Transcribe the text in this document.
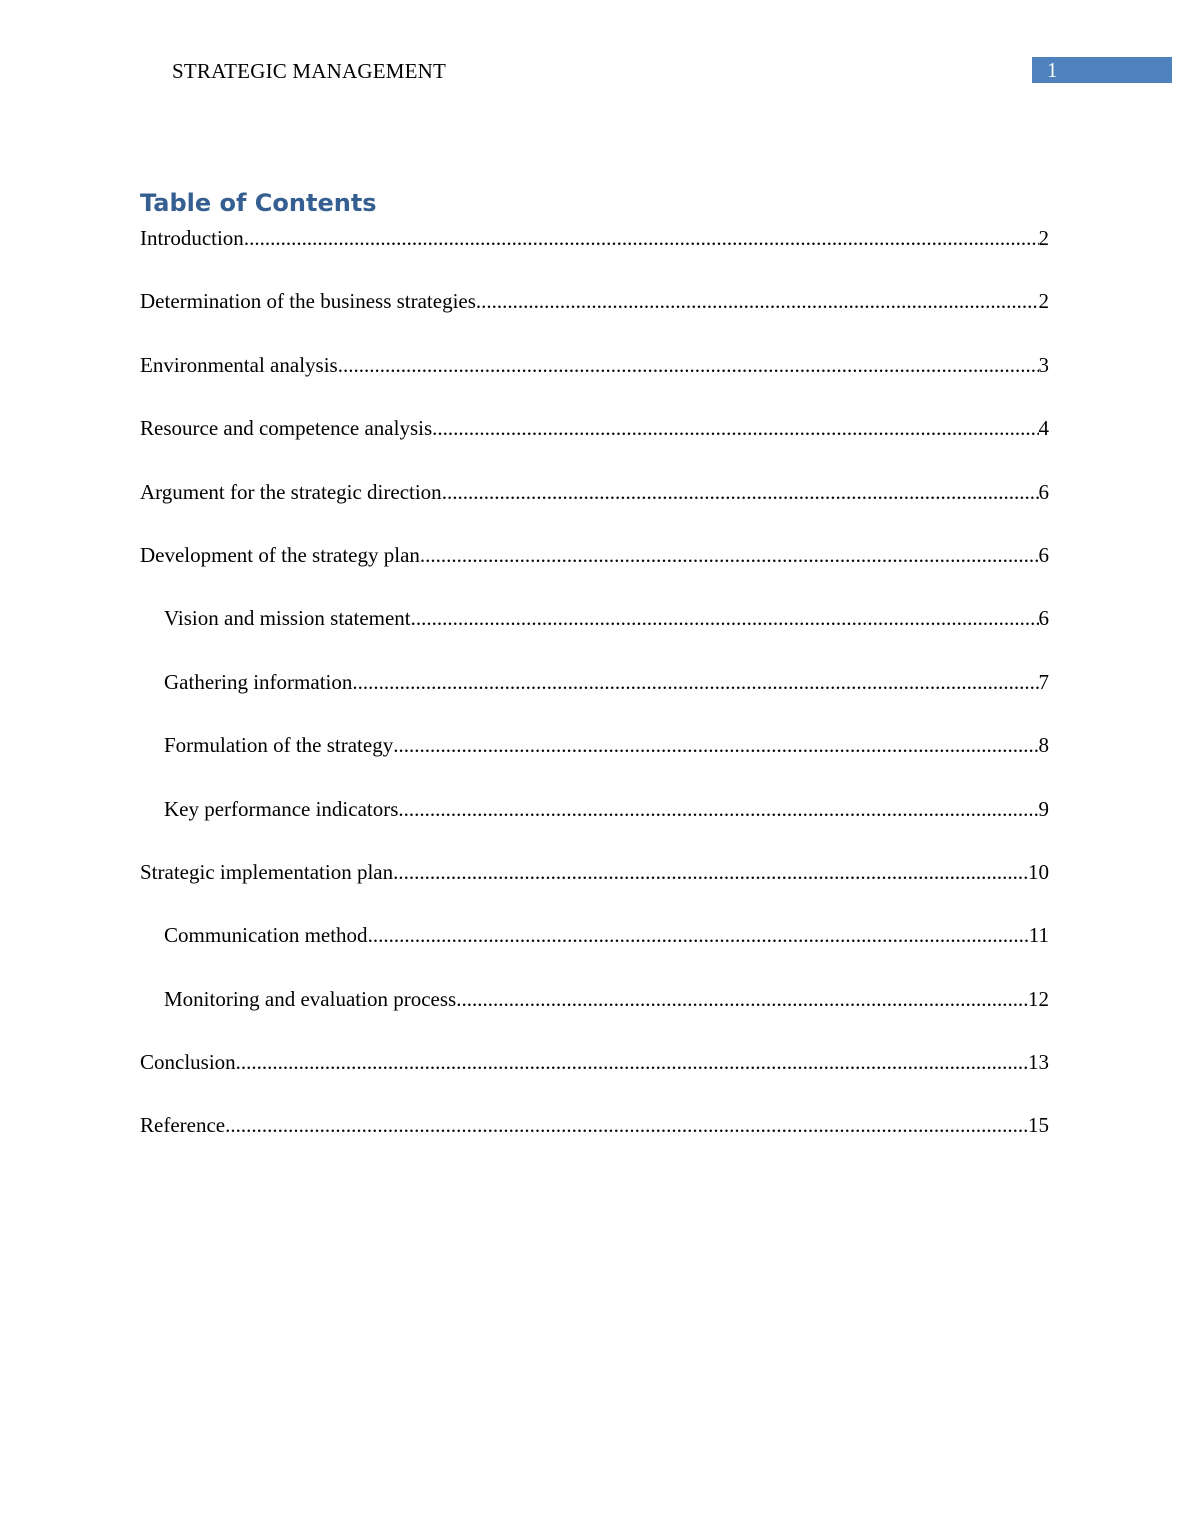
STRATEGIC MANAGEMENT	1
Table of Contents
Introduction .....	2
Determination of the business strategies .....	2
Environmental analysis .....	3
Resource and competence analysis .....	4
Argument for the strategic direction .....	6
Development of the strategy plan .....	6
Vision and mission statement .....	6
Gathering information .....	7
Formulation of the strategy .....	8
Key performance indicators .....	9
Strategic implementation plan .....	10
Communication method .....	11
Monitoring and evaluation process .....	12
Conclusion .....	13
Reference .....	15
